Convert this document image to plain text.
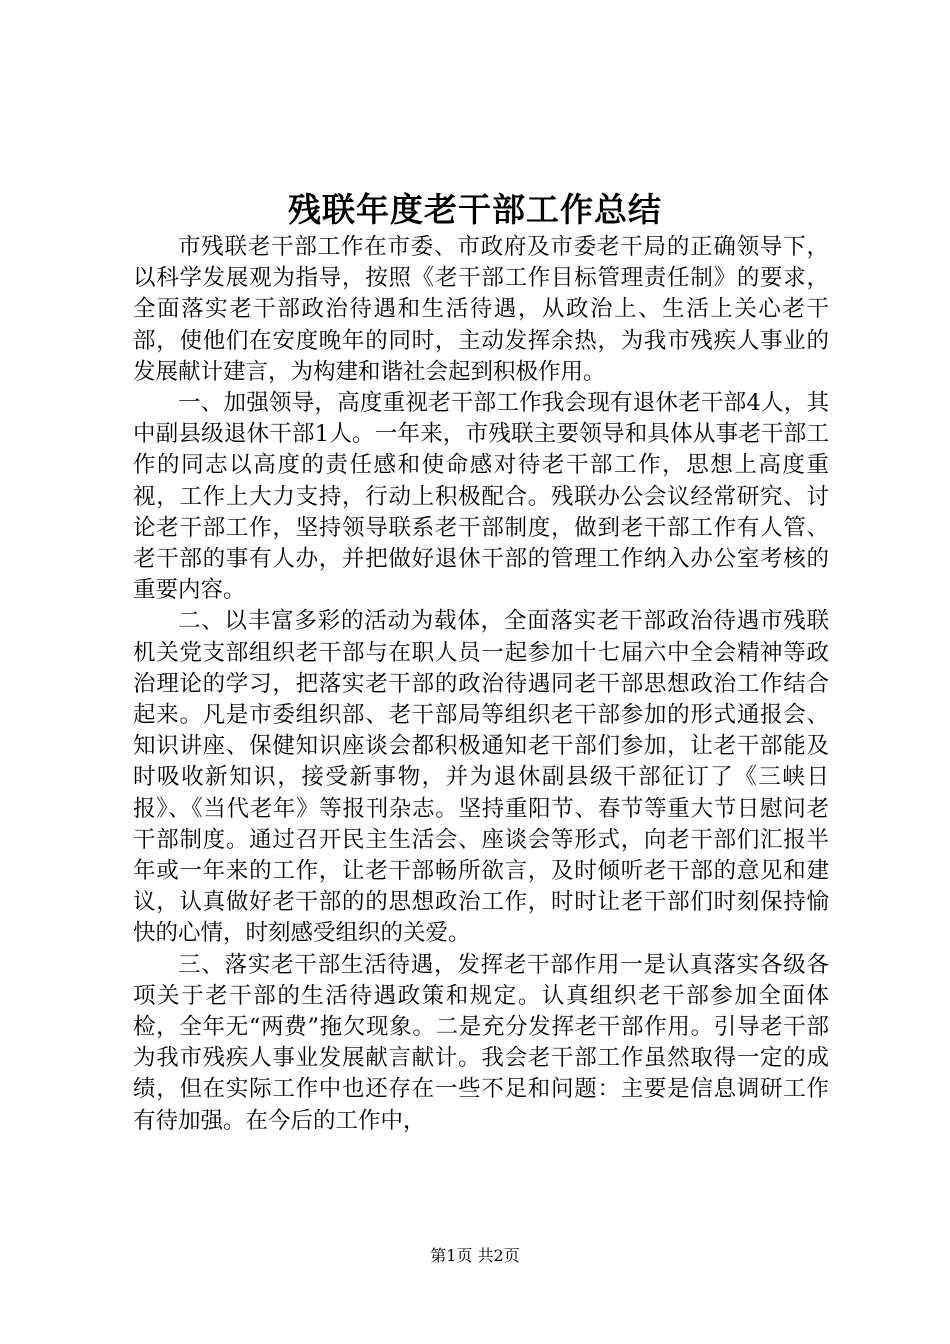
残联年度老干部工作总结

市残联老干部工作在市委、市政府及市委老干局的正确领导下，以科学发展观为指导，按照《老干部工作目标管理责任制》的要求，全面落实老干部政治待遇和生活待遇，从政治上、生活上关心老干部，使他们在安度晚年的同时，主动发挥余热，为我市残疾人事业的发展献计建言，为构建和谐社会起到积极作用。

一、加强领导，高度重视老干部工作我会现有退休老干部4人，其中副县级退休干部1人。一年来，市残联主要领导和具体从事老干部工作的同志以高度的责任感和使命感对待老干部工作，思想上高度重视，工作上大力支持，行动上积极配合。残联办公会议经常研究、讨论老干部工作，坚持领导联系老干部制度，做到老干部工作有人管、老干部的事有人办，并把做好退休干部的管理工作纳入办公室考核的重要内容。

二、以丰富多彩的活动为载体，全面落实老干部政治待遇市残联机关党支部组织老干部与在职人员一起参加十七届六中全会精神等政治理论的学习，把落实老干部的政治待遇同老干部思想政治工作结合起来。凡是市委组织部、老干部局等组织老干部参加的形式通报会、知识讲座、保健知识座谈会都积极通知老干部们参加，让老干部能及时吸收新知识，接受新事物，并为退休副县级干部征订了《三峡日报》、《当代老年》等报刊杂志。坚持重阳节、春节等重大节日慰问老干部制度。通过召开民主生活会、座谈会等形式，向老干部们汇报半年或一年来的工作，让老干部畅所欲言，及时倾听老干部的意见和建议，认真做好老干部的的思想政治工作，时时让老干部们时刻保持愉快的心情，时刻感受组织的关爱。

三、落实老干部生活待遇，发挥老干部作用一是认真落实各级各项关于老干部的生活待遇政策和规定。认真组织老干部参加全面体检，全年无“两费”拖欠现象。二是充分发挥老干部作用。引导老干部为我市残疾人事业发展献言献计。我会老干部工作虽然取得一定的成绩，但在实际工作中也还存在一些不足和问题：主要是信息调研工作有待加强。在今后的工作中，

第1页 共2页
